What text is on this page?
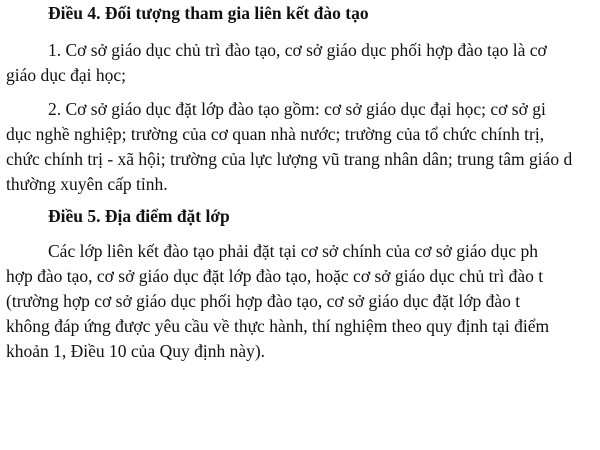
Điều 4. Đối tượng tham gia liên kết đào tạo
1. Cơ sở giáo dục chủ trì đào tạo, cơ sở giáo dục phối hợp đào tạo là cơ
giáo dục đại học;
2. Cơ sở giáo dục đặt lớp đào tạo gồm: cơ sở giáo dục đại học; cơ sở gi
dục nghề nghiệp; trường của cơ quan nhà nước; trường của tổ chức chính trị,
chức chính trị - xã hội; trường của lực lượng vũ trang nhân dân; trung tâm giáo d
thường xuyên cấp tỉnh.
Điều 5. Địa điểm đặt lớp
Các lớp liên kết đào tạo phải đặt tại cơ sở chính của cơ sở giáo dục ph
hợp đào tạo, cơ sở giáo dục đặt lớp đào tạo, hoặc cơ sở giáo dục chủ trì đào t
(trường hợp cơ sở giáo dục phối hợp đào tạo, cơ sở giáo dục đặt lớp đào t
không đáp ứng được yêu cầu về thực hành, thí nghiệm theo quy định tại điểm
khoản 1, Điều 10 của Quy định này).
